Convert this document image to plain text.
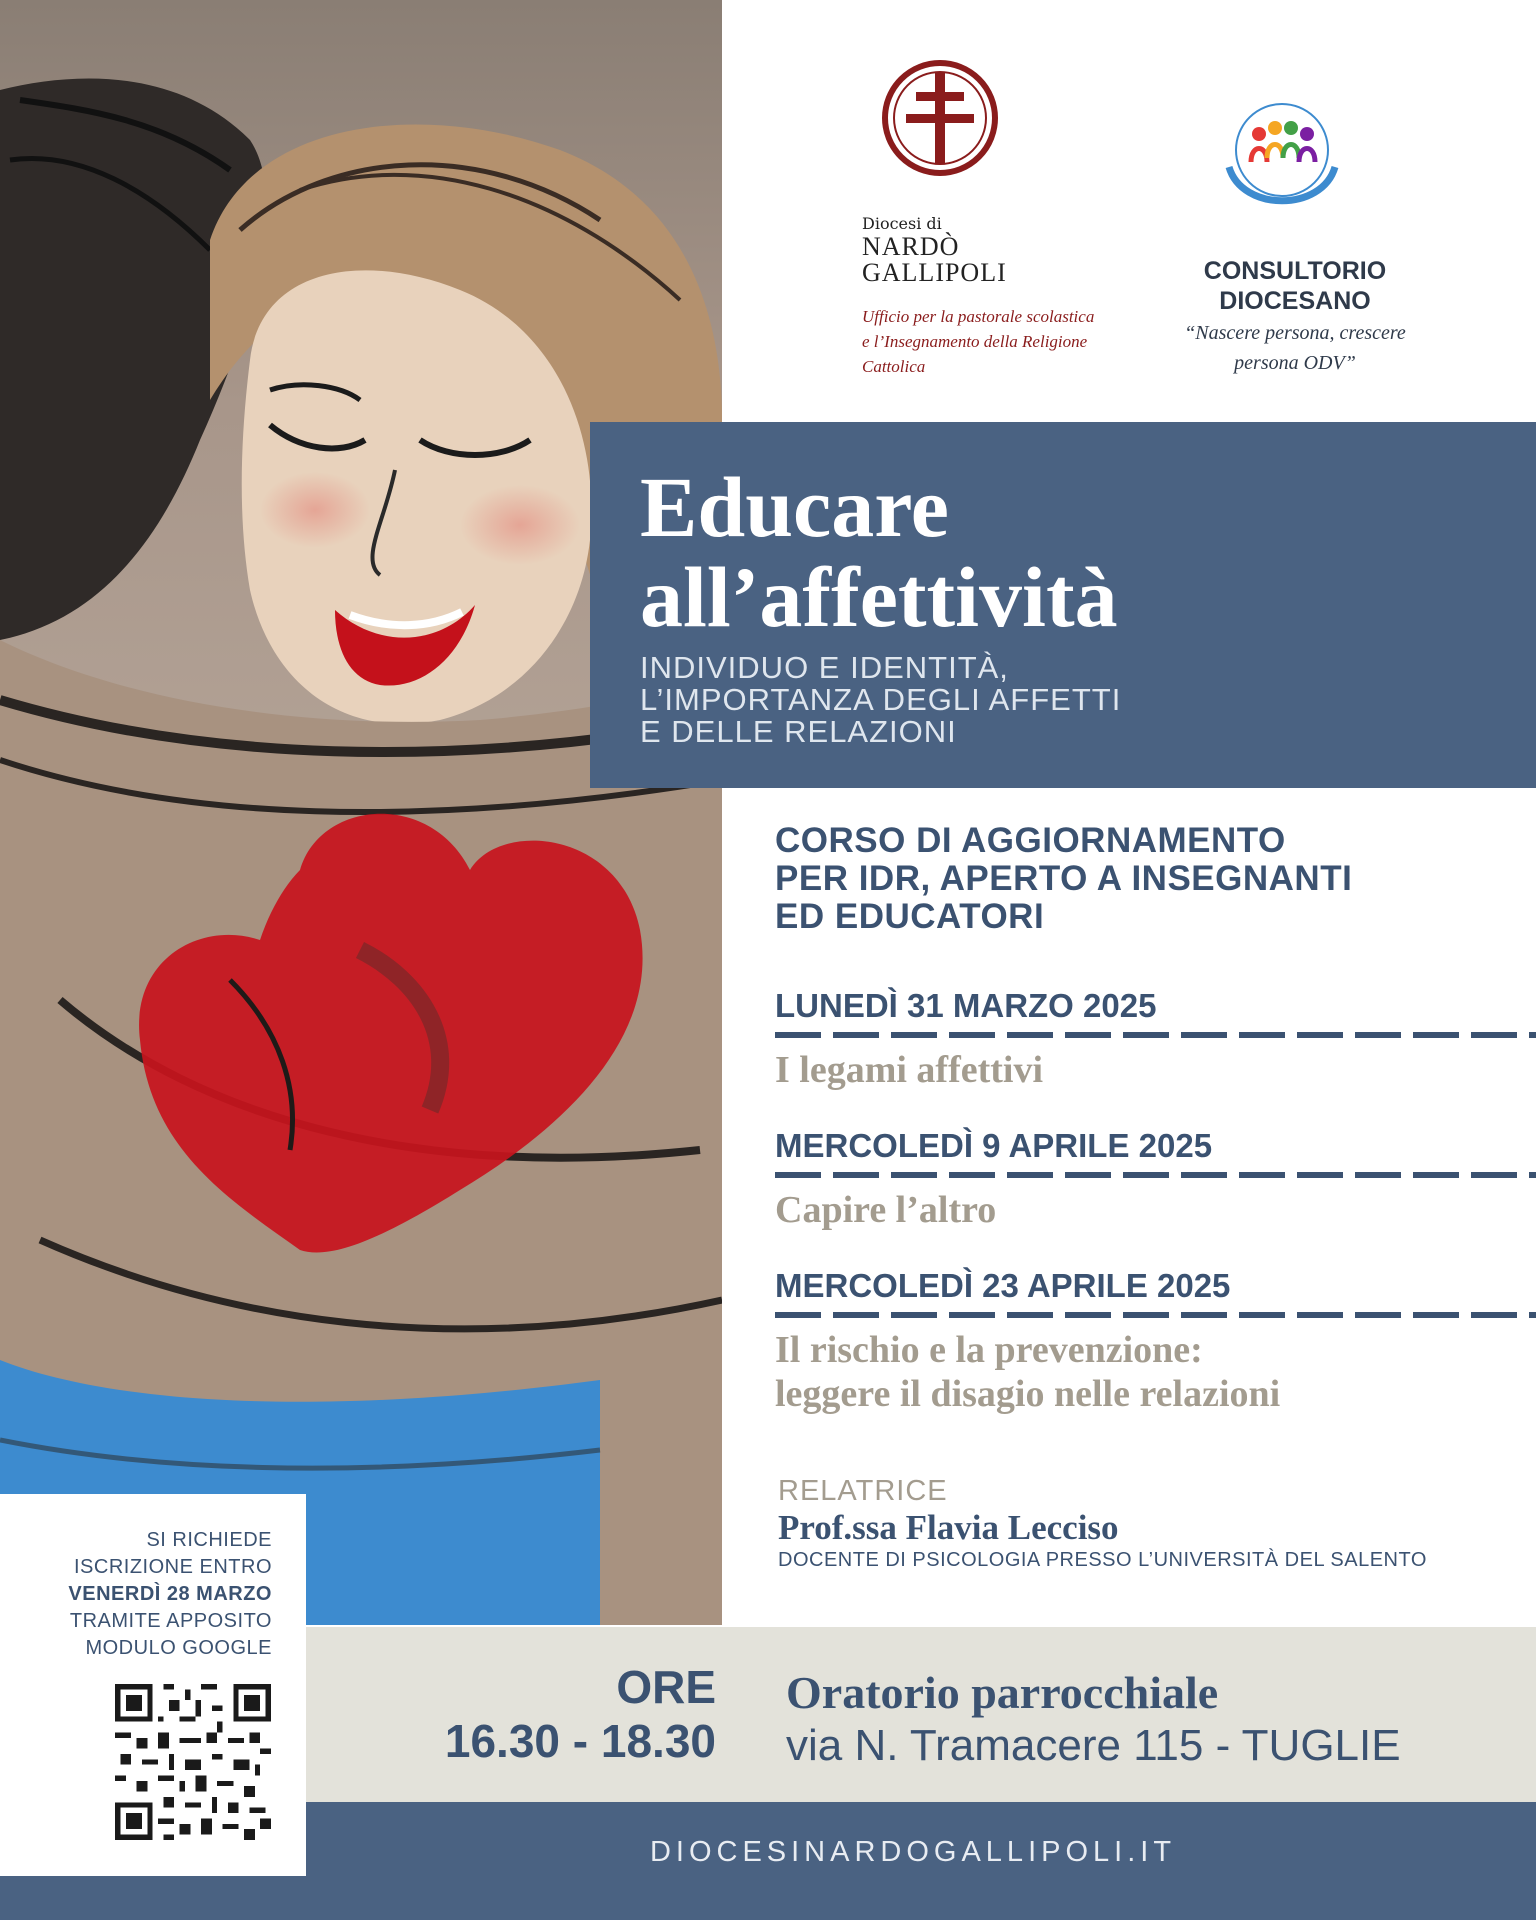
Diocesi di
NARDÒ
GALLIPOLI
Ufficio per la pastorale scolastica e l’Insegnamento della Religione Cattolica
CONSULTORIO DIOCESANO
“Nascere persona, crescere persona ODV”
Educare
all’affettività
INDIVIDUO E IDENTITÀ,
L’IMPORTANZA DEGLI AFFETTI
E DELLE RELAZIONI
CORSO DI AGGIORNAMENTO
PER IDR, APERTO A INSEGNANTI
ED EDUCATORI
LUNEDÌ 31 MARZO 2025
I legami affettivi
MERCOLEDÌ 9 APRILE 2025
Capire l’altro
MERCOLEDÌ 23 APRILE 2025
Il rischio e la prevenzione:
leggere il disagio nelle relazioni
RELATRICE
Prof.ssa Flavia Lecciso
DOCENTE DI PSICOLOGIA PRESSO L’UNIVERSITÀ DEL SALENTO
ORE
16.30 - 18.30
Oratorio parrocchiale
via N. Tramacere 115 - TUGLIE
DIOCESINARDOGALLIPOLI.IT
SI RICHIEDE
ISCRIZIONE ENTRO
VENERDÌ 28 MARZO
TRAMITE APPOSITO
MODULO GOOGLE
